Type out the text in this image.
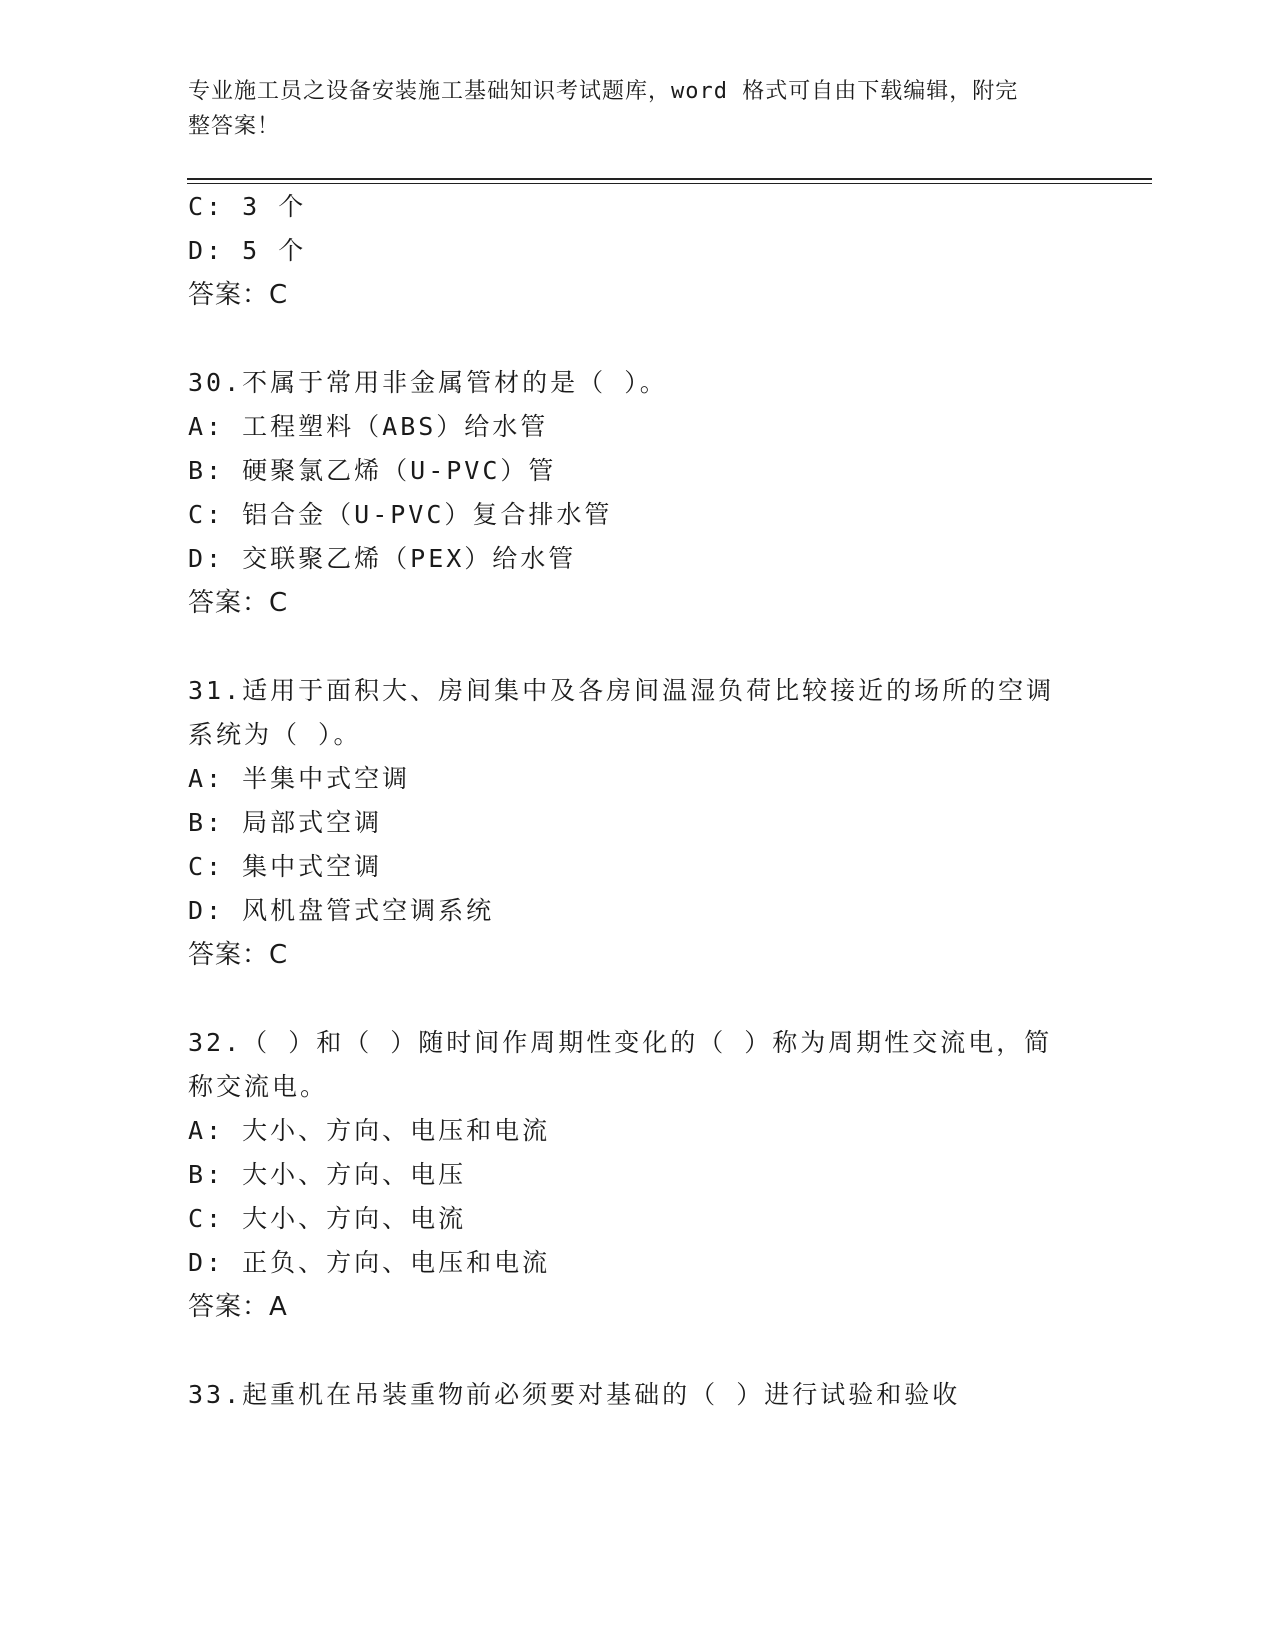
专业施工员之设备安装施工基础知识考试题库，word 格式可自由下载编辑，附完
整答案！
C: 3 个
D: 5 个
答案：C
30.不属于常用非金属管材的是（ ）。
A: 工程塑料（ABS）给水管
B: 硬聚氯乙烯（U-PVC）管
C: 铝合金（U-PVC）复合排水管
D: 交联聚乙烯（PEX）给水管
答案：C
31.适用于面积大、房间集中及各房间温湿负荷比较接近的场所的空调
系统为（ ）。
A: 半集中式空调
B: 局部式空调
C: 集中式空调
D: 风机盘管式空调系统
答案：C
32.（ ）和（ ）随时间作周期性变化的（ ）称为周期性交流电，简
称交流电。
A: 大小、方向、电压和电流
B: 大小、方向、电压
C: 大小、方向、电流
D: 正负、方向、电压和电流
答案：A
33.起重机在吊装重物前必须要对基础的（ ）进行试验和验收
